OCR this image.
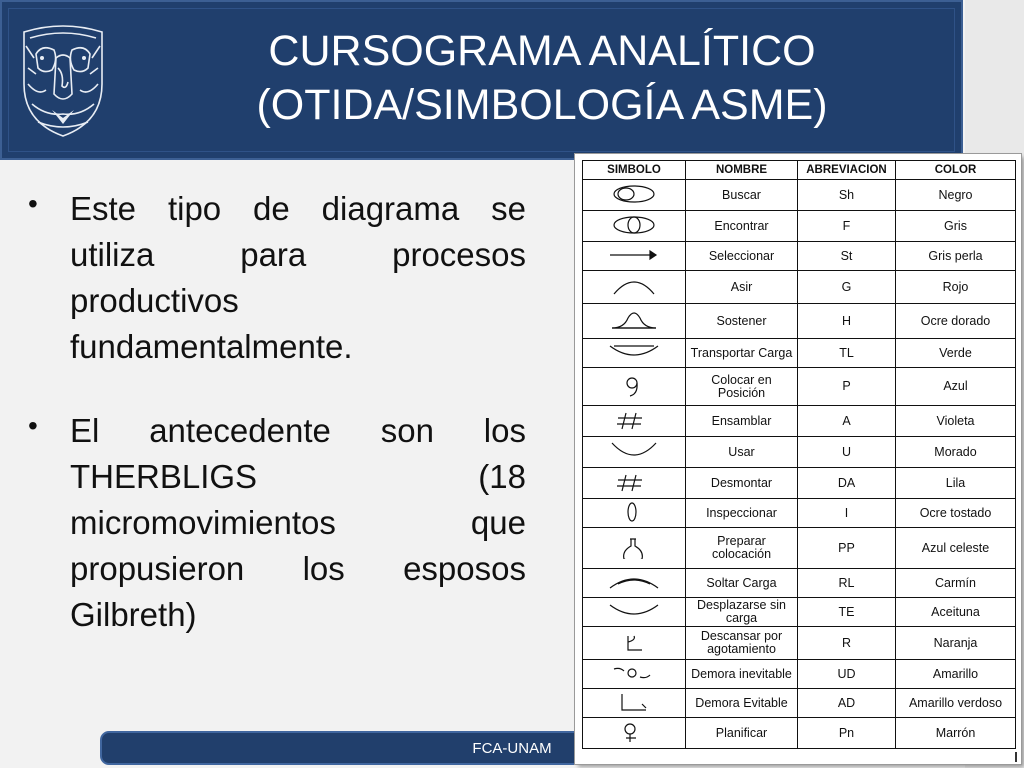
CURSOGRAMA ANALÍTICO
(OTIDA/SIMBOLOGÍA ASME)
• Este tipo de diagrama se utiliza para procesos productivos fundamentalmente.
• El antecedente son los THERBLIGS (18 micromovimientos que propusieron los esposos Gilbreth)
FCA-UNAM
SIMBOLO	NOMBRE	ABREVIACION	COLOR

	Buscar	Sh	Negro

	Encontrar	F	Gris

	Seleccionar	St	Gris perla

	Asir	G	Rojo

	Sostener	H	Ocre dorado

	Transportar Carga	TL	Verde

	Colocar en Posición	P	Azul

	Ensamblar	A	Violeta

	Usar	U	Morado

	Desmontar	DA	Lila

	Inspeccionar	I	Ocre tostado

	Preparar colocación	PP	Azul celeste

	Soltar Carga	RL	Carmín

	Desplazarse sin carga	TE	Aceituna

	Descansar por agotamiento	R	Naranja

	Demora inevitable	UD	Amarillo

	Demora Evitable	AD	Amarillo verdoso

	Planificar	Pn	Marrón
